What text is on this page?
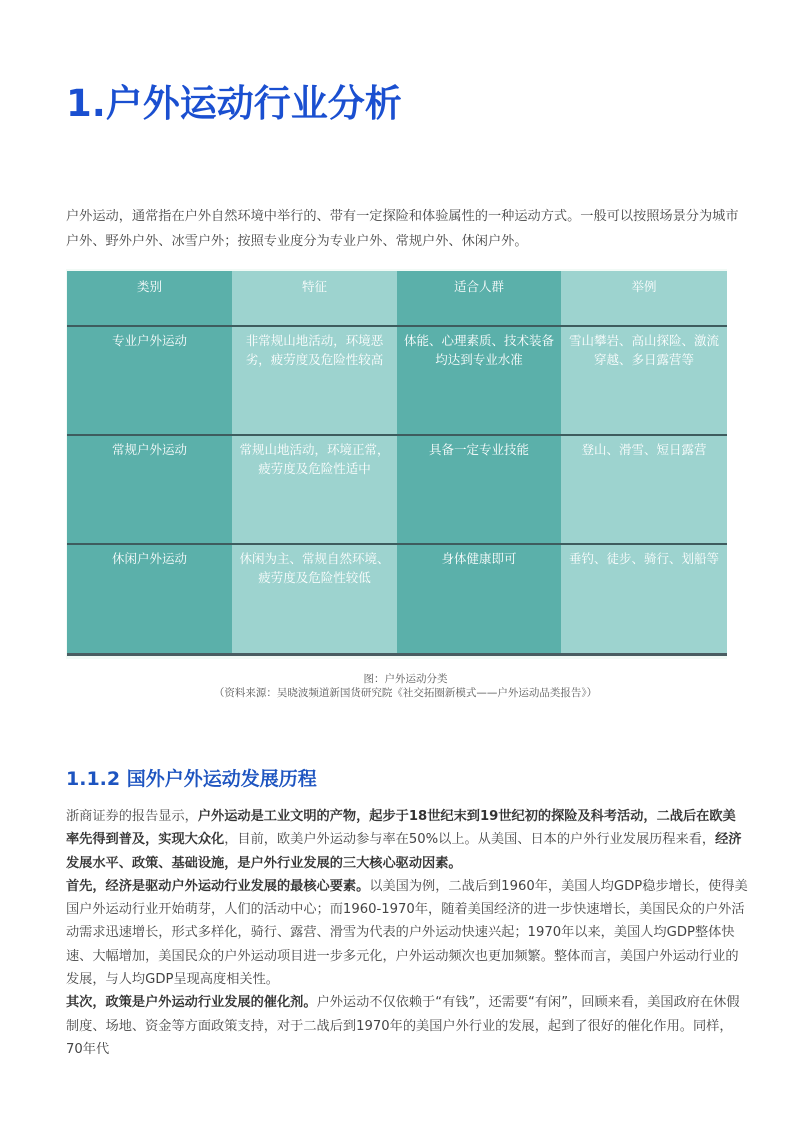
1.户外运动行业分析

户外运动，通常指在户外自然环境中举行的、带有一定探险和体验属性的一种运动方式。一般可以按照场景分为城市户外、野外户外、冰雪户外；按照专业度分为专业户外、常规户外、休闲户外。

类别	特征	适合人群	举例
专业户外运动	非常规山地活动，环境恶劣，疲劳度及危险性较高	体能、心理素质、技术装备均达到专业水准	雪山攀岩、高山探险、激流穿越、多日露营等
常规户外运动	常规山地活动，环境正常，疲劳度及危险性适中	具备一定专业技能	登山、滑雪、短日露营
休闲户外运动	休闲为主、常规自然环境、疲劳度及危险性较低	身体健康即可	垂钓、徒步、骑行、划船等
图：户外运动分类
（资料来源：吴晓波频道新国货研究院《社交拓圈新模式——户外运动品类报告》）
1.1.2 国外户外运动发展历程

浙商证券的报告显示，户外运动是工业文明的产物，起步于18世纪末到19世纪初的探险及科考活动，二战后在欧美率先得到普及，实现大众化，目前，欧美户外运动参与率在50%以上。从美国、日本的户外行业发展历程来看，经济发展水平、政策、基础设施，是户外行业发展的三大核心驱动因素。

首先，经济是驱动户外运动行业发展的最核心要素。以美国为例，二战后到1960年，美国人均GDP稳步增长，使得美国户外运动行业开始萌芽，人们的活动中心；而1960-1970年，随着美国经济的进一步快速增长，美国民众的户外活动需求迅速增长，形式多样化，骑行、露营、滑雪为代表的户外运动快速兴起；1970年以来，美国人均GDP整体快速、大幅增加，美国民众的户外运动项目进一步多元化，户外运动频次也更加频繁。整体而言，美国户外运动行业的发展，与人均GDP呈现高度相关性。

其次，政策是户外运动行业发展的催化剂。户外运动不仅依赖于“有钱”，还需要“有闲”，回顾来看，美国政府在休假制度、场地、资金等方面政策支持，对于二战后到1970年的美国户外行业的发展，起到了很好的催化作用。同样，70年代
